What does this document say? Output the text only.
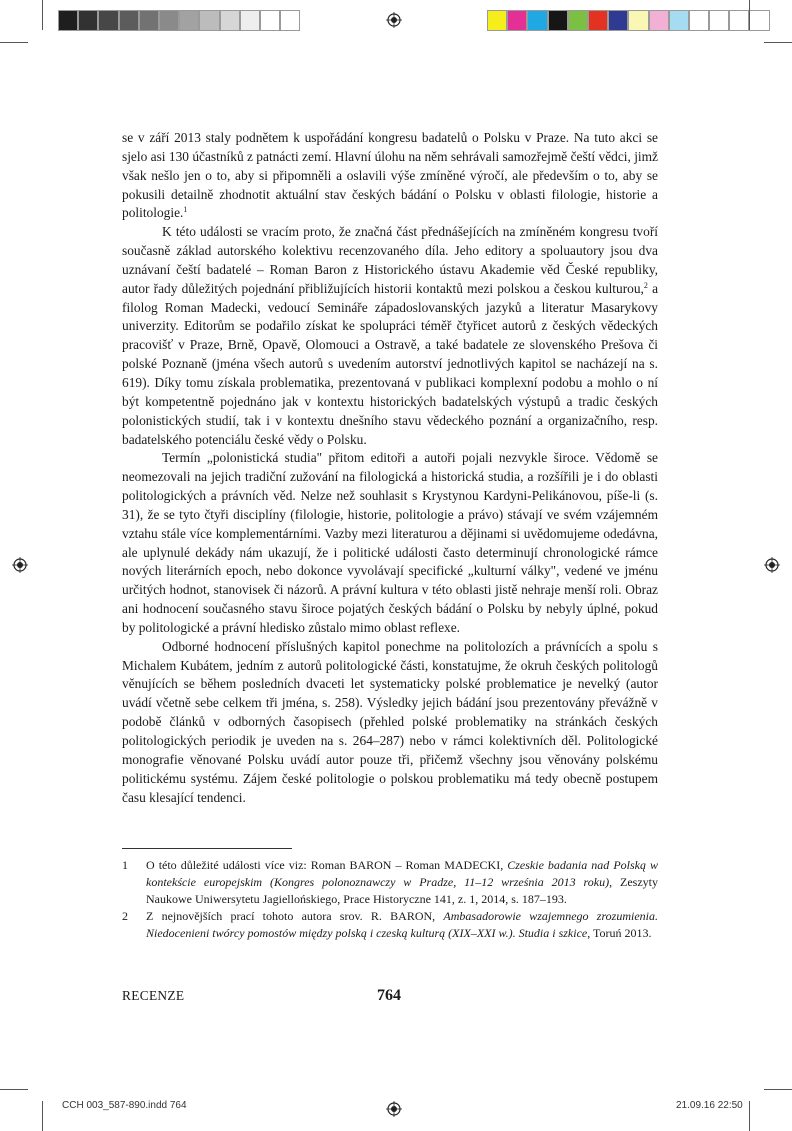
se v září 2013 staly podnětem k uspořádání kongresu badatelů o Polsku v Praze. Na tuto akci se sjelo asi 130 účastníků z patnácti zemí. Hlavní úlohu na něm sehrávali samozřejmě čeští vědci, jimž však nešlo jen o to, aby si připomněli a oslavili výše zmíněné výročí, ale především o to, aby se pokusili detailně zhodnotit aktuální stav českých bádání o Polsku v oblasti filologie, historie a politologie.$^1$

K této události se vracím proto, že značná část přednášejících na zmíněném kongresu tvoří současně základ autorského kolektivu recenzovaného díla. Jeho editory a spoluautory jsou dva uznávaní čeští badatelé – Roman Baron z Historického ústavu Akademie věd České republiky, autor řady důležitých pojednání přibližujících historii kontaktů mezi polskou a českou kulturou,$^2$ a filolog Roman Madecki, vedoucí Semináře západoslovanských jazyků a literatur Masarykovy univerzity. Editorům se podařilo získat ke spolupráci téměř čtyřicet autorů z českých vědeckých pracovišť v Praze, Brně, Opavě, Olomouci a Ostravě, a také badatele ze slovenského Prešova či polské Poznaně (jména všech autorů s uvedením autorství jednotlivých kapitol se nacházejí na s. 619). Díky tomu získala problematika, prezentovaná v publikaci komplexní podobu a mohlo o ní být kompetentně pojednáno jak v kontextu historických badatelských výstupů a tradic českých polonistických studií, tak i v kontextu dnešního stavu vědeckého poznání a organizačního, resp. badatelského potenciálu české vědy o Polsku.

Termín „polonistická studia" přitom editoři a autoři pojali nezvykle široce. Vědomě se neomezovali na jejich tradiční zužování na filologická a historická studia, a rozšířili je i do oblasti politologických a právních věd. Nelze než souhlasit s Krystynou Kardyni-Pelikánovou, píše-li (s. 31), že se tyto čtyři disciplíny (filologie, historie, politologie a právo) stávají ve svém vzájemném vztahu stále více komplementárními. Vazby mezi literaturou a dějinami si uvědomujeme odedávna, ale uplynulé dekády nám ukazují, že i politické události často determinují chronologické rámce nových literárních epoch, nebo dokonce vyvolávají specifické „kulturní války", vedené ve jménu určitých hodnot, stanovisek či názorů. A právní kultura v této oblasti jistě nehraje menší roli. Obraz ani hodnocení současného stavu široce pojatých českých bádání o Polsku by nebyly úplné, pokud by politologické a právní hledisko zůstalo mimo oblast reflexe.

Odborné hodnocení příslušných kapitol ponechme na politolozích a právnících a spolu s Michalem Kubátem, jedním z autorů politologické části, konstatujme, že okruh českých politologů věnujících se během posledních dvaceti let systematicky polské problematice je nevelký (autor uvádí včetně sebe celkem tři jména, s. 258). Výsledky jejich bádání jsou prezentovány převážně v podobě článků v odborných časopisech (přehled polské problematiky na stránkách českých politologických periodik je uveden na s. 264–287) nebo v rámci kolektivních děl. Politologické monografie věnované Polsku uvádí autor pouze tři, přičemž všechny jsou věnovány polskému politickému systému. Zájem české politologie o polskou problematiku má tedy obecně postupem času klesající tendenci.

1 O této důležité události více viz: Roman BARON – Roman MADECKI, Czeskie badania nad Polską w kontekście europejskim (Kongres polonoznawczy w Pradze, 11–12 września 2013 roku), Zeszyty Naukowe Uniwersytetu Jagiellońskiego, Prace Historyczne 141, z. 1, 2014, s. 187–193.
2 Z nejnovějších prací tohoto autora srov. R. BARON, Ambasadorowie wzajemnego zrozumienia. Niedocenieni twórcy pomostów między polską i czeską kulturą (XIX–XXI w.). Studia i szkice, Toruń 2013.
RECENZE	764
CCH 003_587-890.indd 764	21.09.16 22:50
